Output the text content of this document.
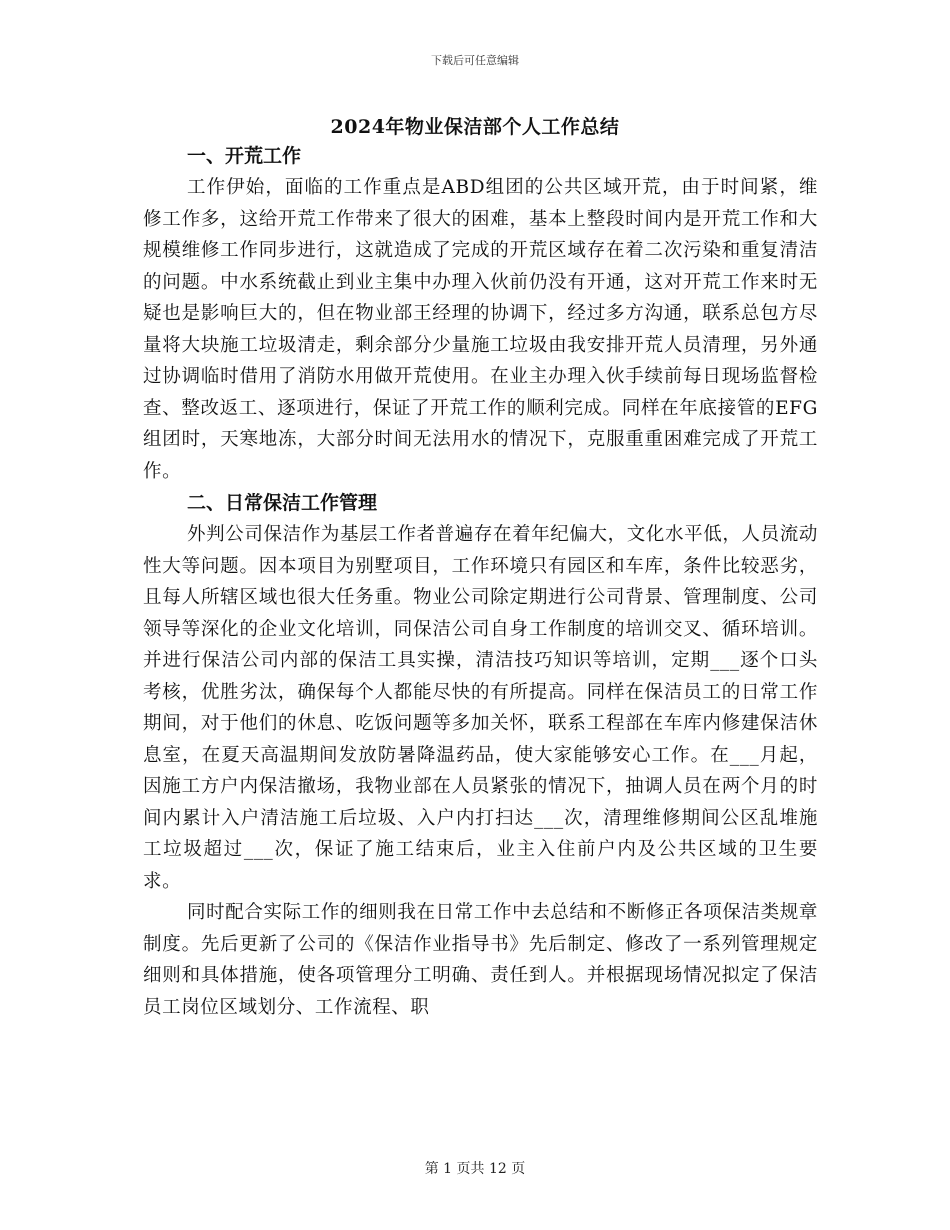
下载后可任意编辑
2024年物业保洁部个人工作总结
一、开荒工作

工作伊始，面临的工作重点是ABD组团的公共区域开荒，由于时间紧，维修工作多，这给开荒工作带来了很大的困难，基本上整段时间内是开荒工作和大规模维修工作同步进行，这就造成了完成的开荒区域存在着二次污染和重复清洁的问题。中水系统截止到业主集中办理入伙前仍没有开通，这对开荒工作来时无疑也是影响巨大的，但在物业部王经理的协调下，经过多方沟通，联系总包方尽量将大块施工垃圾清走，剩余部分少量施工垃圾由我安排开荒人员清理，另外通过协调临时借用了消防水用做开荒使用。在业主办理入伙手续前每日现场监督检查、整改返工、逐项进行，保证了开荒工作的顺利完成。同样在年底接管的EFG组团时，天寒地冻，大部分时间无法用水的情况下，克服重重困难完成了开荒工作。

二、日常保洁工作管理

外判公司保洁作为基层工作者普遍存在着年纪偏大，文化水平低，人员流动性大等问题。因本项目为别墅项目，工作环境只有园区和车库，条件比较恶劣，且每人所辖区域也很大任务重。物业公司除定期进行公司背景、管理制度、公司领导等深化的企业文化培训，同保洁公司自身工作制度的培训交叉、循环培训。并进行保洁公司内部的保洁工具实操，清洁技巧知识等培训，定期___逐个口头考核，优胜劣汰，确保每个人都能尽快的有所提高。同样在保洁员工的日常工作期间，对于他们的休息、吃饭问题等多加关怀，联系工程部在车库内修建保洁休息室，在夏天高温期间发放防暑降温药品，使大家能够安心工作。在___月起，因施工方户内保洁撤场，我物业部在人员紧张的情况下，抽调人员在两个月的时间内累计入户清洁施工后垃圾、入户内打扫达___次，清理维修期间公区乱堆施工垃圾超过___次，保证了施工结束后，业主入住前户内及公共区域的卫生要求。

同时配合实际工作的细则我在日常工作中去总结和不断修正各项保洁类规章制度。先后更新了公司的《保洁作业指导书》先后制定、修改了一系列管理规定细则和具体措施，使各项管理分工明确、责任到人。并根据现场情况拟定了保洁员工岗位区域划分、工作流程、职

第 1 页共 12 页
